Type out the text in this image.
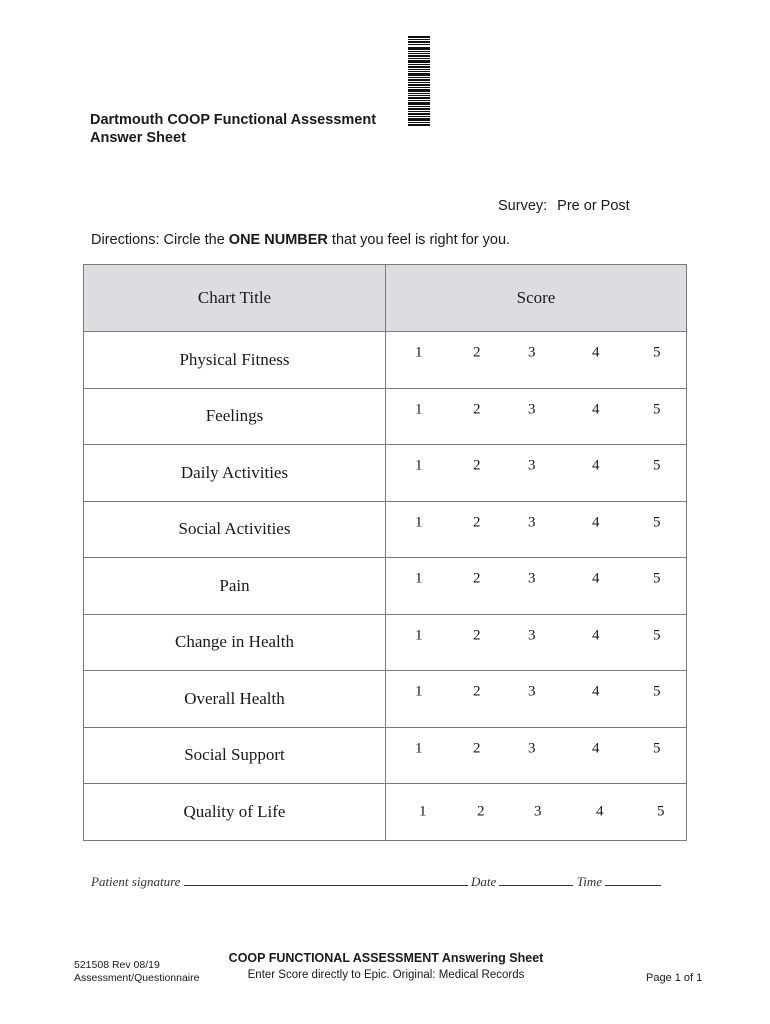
Dartmouth COOP Functional Assessment
Answer Sheet
Survey: Pre or Post
Directions: Circle the ONE NUMBER that you feel is right for you.
Chart Title	Score
Physical Fitness	1 2 3 4 5

Feelings	1 2 3 4 5

Daily Activities	1 2 3 4 5

Social Activities	1 2 3 4 5

Pain	1 2 3 4 5

Change in Health	1 2 3 4 5

Overall Health	1 2 3 4 5

Social Support	1 2 3 4 5

Quality of Life	1 2 3 4 5
Patient signature	Date	Time
521508 Rev 08/19
Assessment/Questionnaire
COOP FUNCTIONAL ASSESSMENT Answering Sheet
Enter Score directly to Epic. Original: Medical Records	Page 1 of 1
